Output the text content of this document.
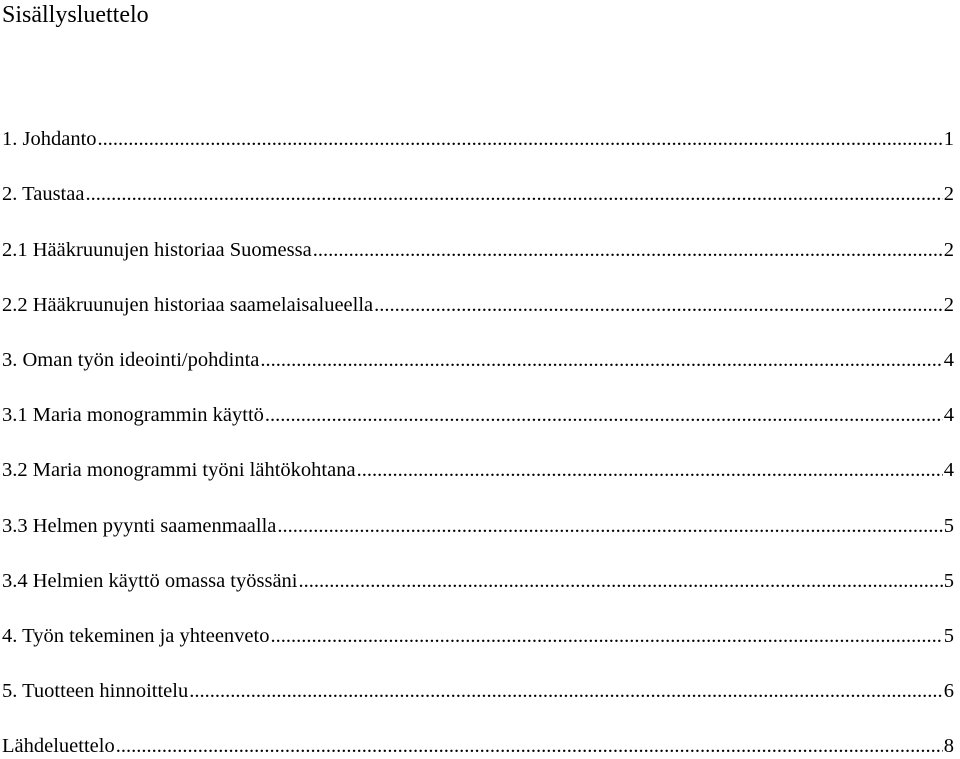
Sisällysluettelo
1. Johdanto .....	1
2. Taustaa .....	2
2.1 Hääkruunujen historiaa Suomessa .....	2
2.2 Hääkruunujen historiaa saamelaisalueella .....	2
3. Oman työn ideointi/pohdinta .....	4
3.1 Maria monogrammin käyttö .....	4
3.2 Maria monogrammi työni lähtökohtana .....	4
3.3 Helmen pyynti saamenmaalla .....	5
3.4 Helmien käyttö omassa työssäni .....	5
4. Työn tekeminen ja yhteenveto .....	5
5. Tuotteen hinnoittelu .....	6
Lähdeluettelo .....	8
